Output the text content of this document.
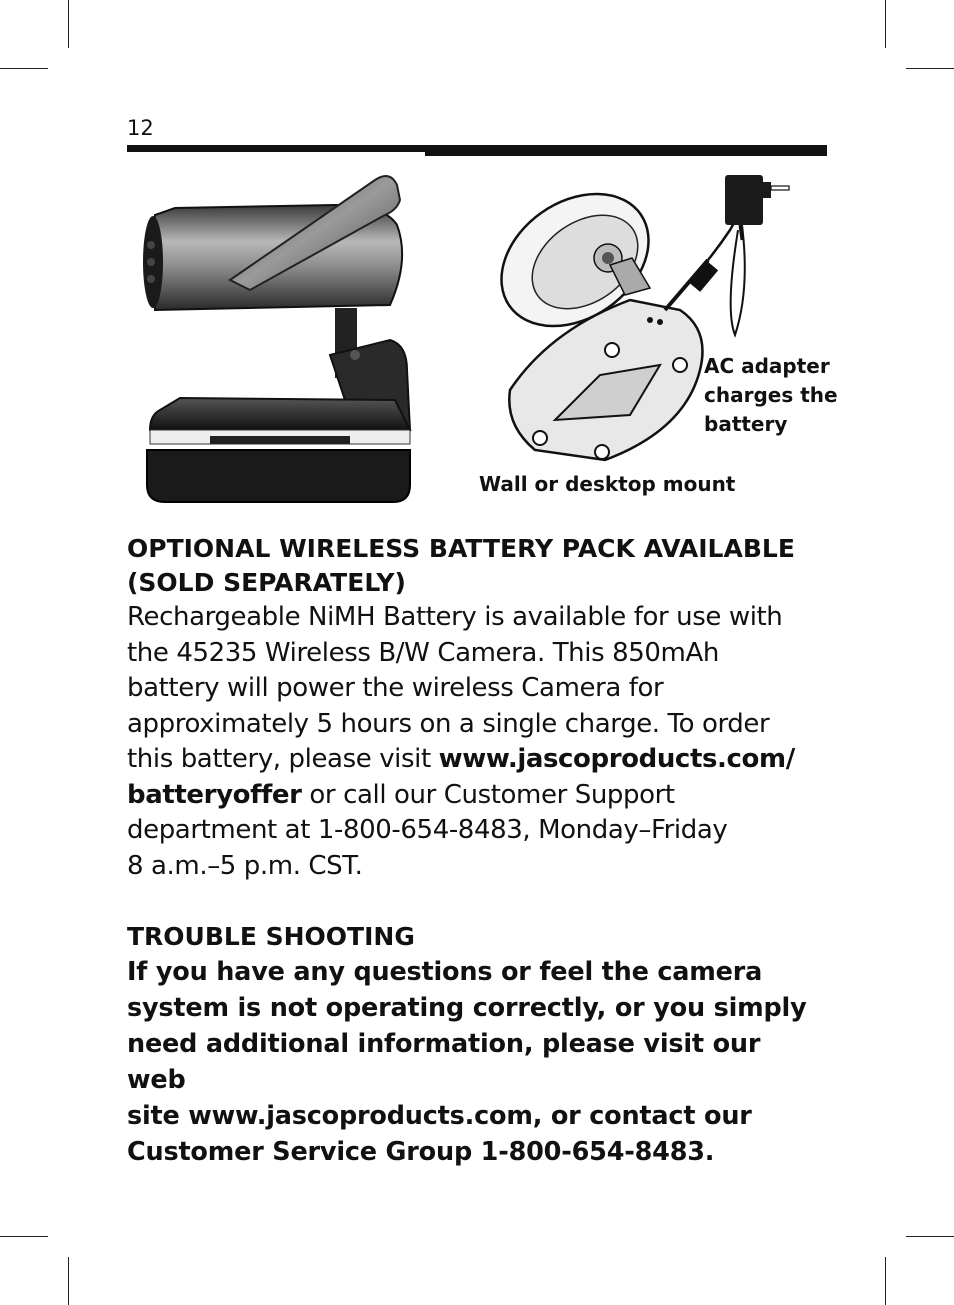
12
AC adapter
charges the
battery
Wall or desktop mount
OPTIONAL WIRELESS BATTERY PACK AVAILABLE
(SOLD SEPARATELY)
Rechargeable NiMH Battery is available for use with
the 45235 Wireless B/W Camera. This 850mAh
battery will power the wireless Camera for
approximately 5 hours on a single charge. To order
this battery, please visit www.jascoproducts.com/
batteryoffer or call our Customer Support
department at 1-800-654-8483, Monday–Friday
8 a.m.–5 p.m. CST.
TROUBLE SHOOTING
If you have any questions or feel the camera
system is not operating correctly, or you simply
need additional information, please visit our web
site www.jascoproducts.com, or contact our
Customer Service Group 1-800-654-8483.
